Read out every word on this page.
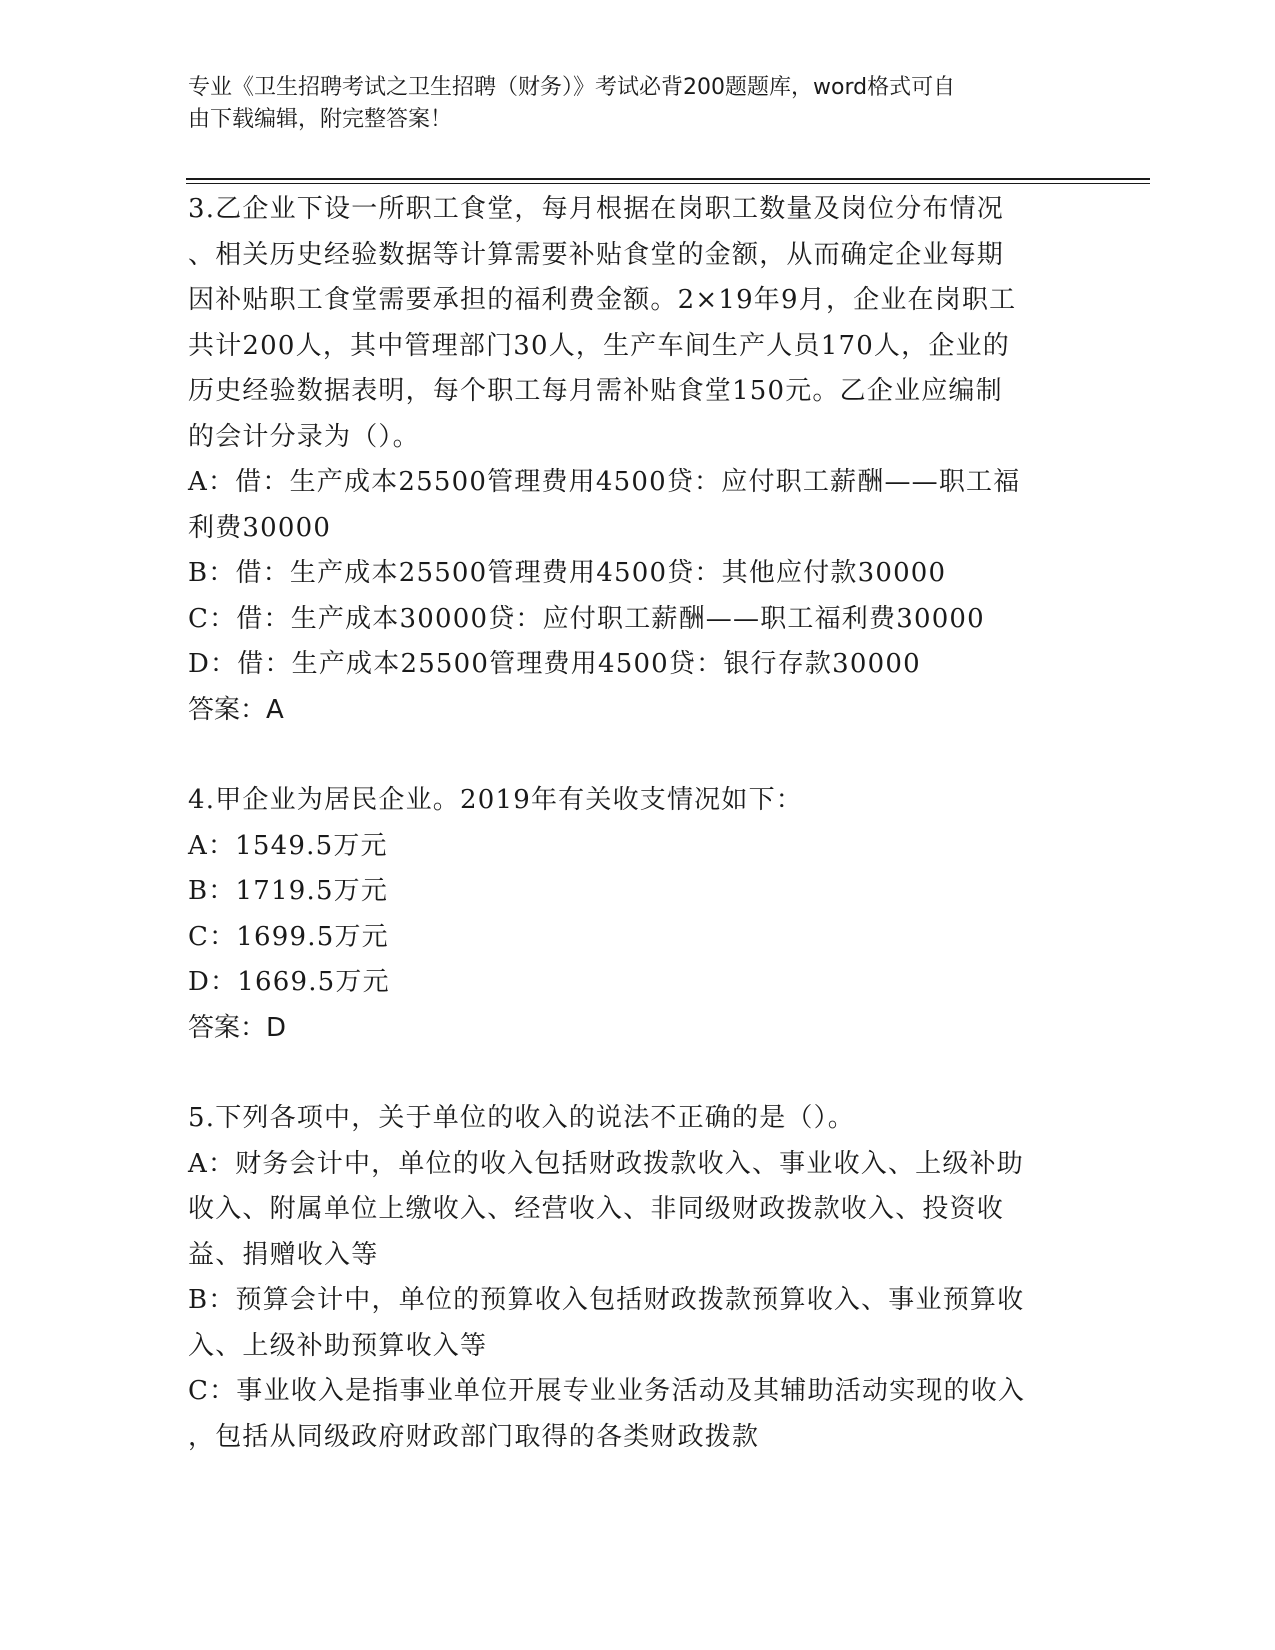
专业《卫生招聘考试之卫生招聘（财务）》考试必背200题题库，word格式可自
由下载编辑，附完整答案！
3.乙企业下设一所职工食堂，每月根据在岗职工数量及岗位分布情况
、相关历史经验数据等计算需要补贴食堂的金额，从而确定企业每期
因补贴职工食堂需要承担的福利费金额。2×19年9月，企业在岗职工
共计200人，其中管理部门30人，生产车间生产人员170人，企业的
历史经验数据表明，每个职工每月需补贴食堂150元。乙企业应编制
的会计分录为（）。
A：借：生产成本25500管理费用4500贷：应付职工薪酬——职工福
利费30000
B：借：生产成本25500管理费用4500贷：其他应付款30000
C：借：生产成本30000贷：应付职工薪酬——职工福利费30000
D：借：生产成本25500管理费用4500贷：银行存款30000
答案：A
4.甲企业为居民企业。2019年有关收支情况如下：
A：1549.5万元
B：1719.5万元
C：1699.5万元
D：1669.5万元
答案：D
5.下列各项中，关于单位的收入的说法不正确的是（）。
A：财务会计中，单位的收入包括财政拨款收入、事业收入、上级补助
收入、附属单位上缴收入、经营收入、非同级财政拨款收入、投资收
益、捐赠收入等
B：预算会计中，单位的预算收入包括财政拨款预算收入、事业预算收
入、上级补助预算收入等
C：事业收入是指事业单位开展专业业务活动及其辅助活动实现的收入
，包括从同级政府财政部门取得的各类财政拨款
